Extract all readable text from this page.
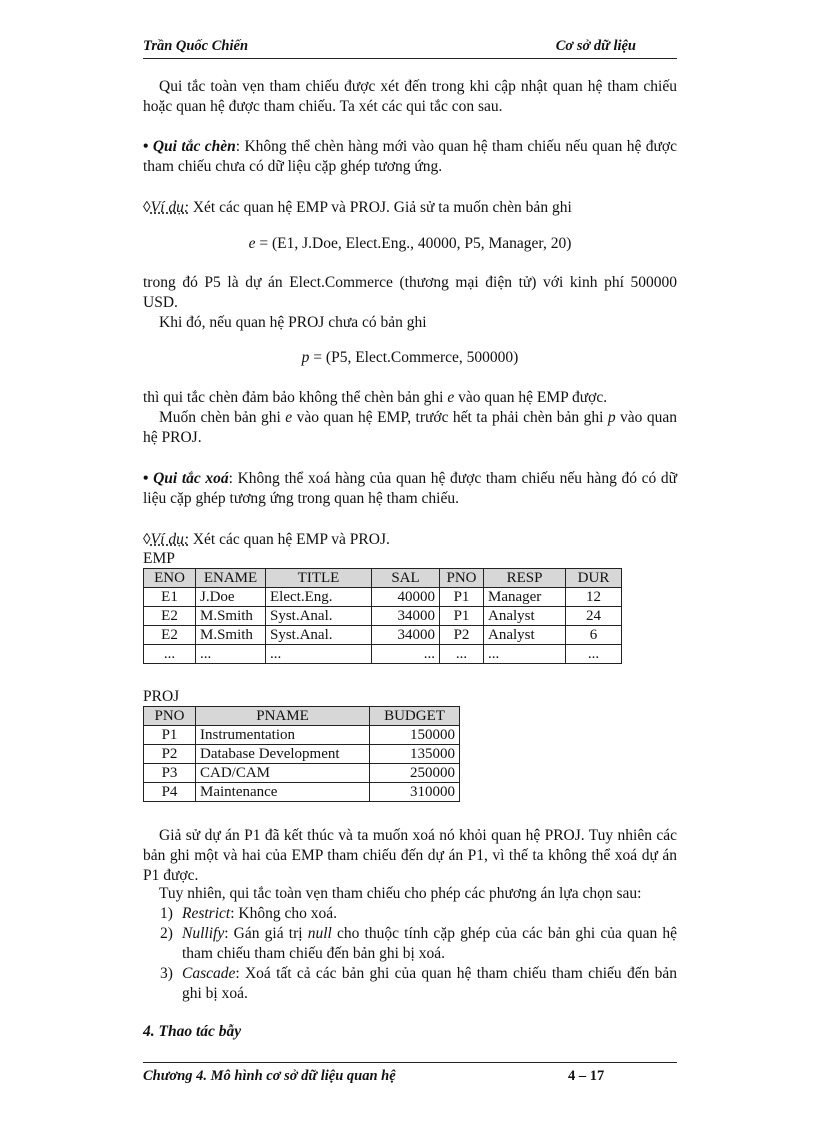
Trần Quốc Chiến	Cơ sở dữ liệu
Qui tắc toàn vẹn tham chiếu được xét đến trong khi cập nhật quan hệ tham chiếu hoặc quan hệ được tham chiếu. Ta xét các qui tắc con sau.
• Qui tắc chèn: Không thể chèn hàng mới vào quan hệ tham chiếu nếu quan hệ được tham chiếu chưa có dữ liệu cặp ghép tương ứng.
◊Ví dụ: Xét các quan hệ EMP và PROJ. Giả sử ta muốn chèn bản ghi
e = (E1, J.Doe, Elect.Eng., 40000, P5, Manager, 20)
trong đó P5 là dự án Elect.Commerce (thương mại điện tử) với kinh phí 500000 USD.
Khi đó, nếu quan hệ PROJ chưa có bản ghi
p = (P5, Elect.Commerce, 500000)
thì qui tắc chèn đảm bảo không thể chèn bản ghi e vào quan hệ EMP được.
Muốn chèn bản ghi e vào quan hệ EMP, trước hết ta phải chèn bản ghi p vào quan hệ PROJ.
• Qui tắc xoá: Không thể xoá hàng của quan hệ được tham chiếu nếu hàng đó có dữ liệu cặp ghép tương ứng trong quan hệ tham chiếu.
◊Ví dụ: Xét các quan hệ EMP và PROJ.
EMP
ENO	ENAME	TITLE	SAL	PNO	RESP	DUR
E1	J.Doe	Elect.Eng.	40000	P1	Manager	12
E2	M.Smith	Syst.Anal.	34000	P1	Analyst	24
E2	M.Smith	Syst.Anal.	34000	P2	Analyst	6
...	...	...	...	...	...	...
PROJ
PNO	PNAME	BUDGET
P1	Instrumentation	150000
P2	Database Development	135000
P3	CAD/CAM	250000
P4	Maintenance	310000
Giả sử dự án P1 đã kết thúc và ta muốn xoá nó khỏi quan hệ PROJ. Tuy nhiên các bản ghi một và hai của EMP tham chiếu đến dự án P1, vì thế ta không thể xoá dự án P1 được.
Tuy nhiên, qui tắc toàn vẹn tham chiếu cho phép các phương án lựa chọn sau:
1) Restrict: Không cho xoá.
2) Nullify: Gán giá trị null cho thuộc tính cặp ghép của các bản ghi của quan hệ tham chiếu tham chiếu đến bản ghi bị xoá.
3) Cascade: Xoá tất cả các bản ghi của quan hệ tham chiếu tham chiếu đến bản ghi bị xoá.
4. Thao tác bẫy
Chương 4. Mô hình cơ sở dữ liệu quan hệ	4 – 17
